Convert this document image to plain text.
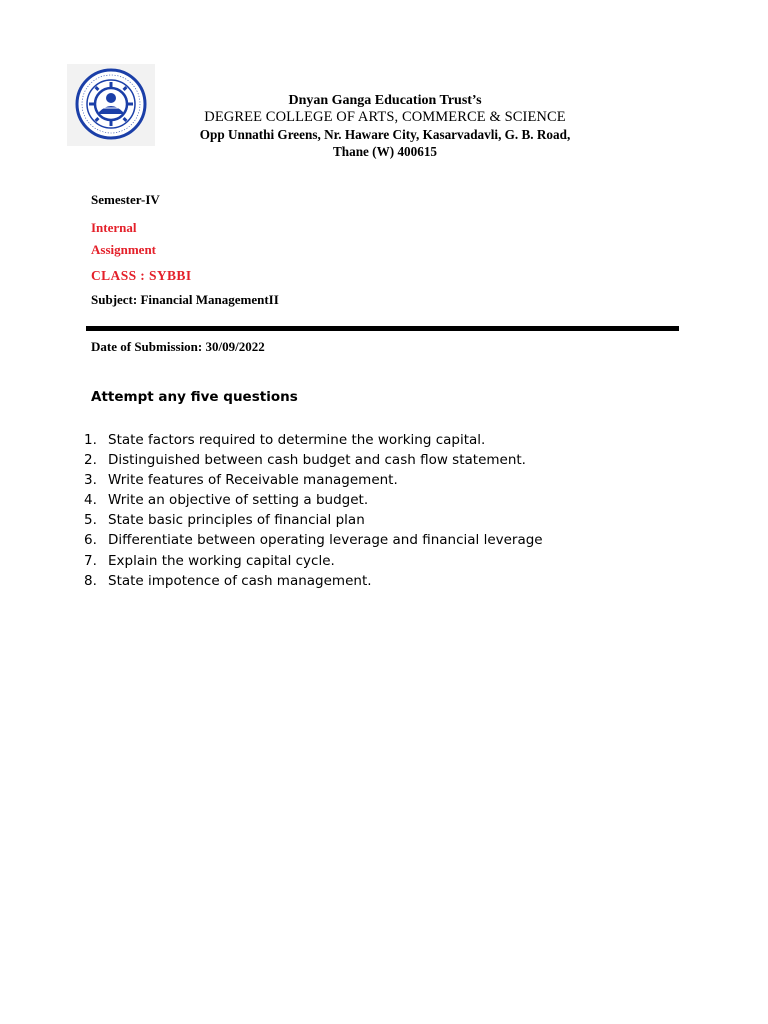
Dnyan Ganga Education Trust’s
DEGREE COLLEGE OF ARTS, COMMERCE & SCIENCE
Opp Unnathi Greens, Nr. Haware City, Kasarvadavli, G. B. Road,
Thane (W) 400615
Semester-IV
Internal
Assignment
CLASS : SYBBI
Subject: Financial ManagementII
Date of Submission: 30/09/2022
Attempt any five questions
1. State factors required to determine the working capital.
2. Distinguished between cash budget and cash flow statement.
3. Write features of Receivable management.
4. Write an objective of setting a budget.
5. State basic principles of financial plan
6. Differentiate between operating leverage and financial leverage
7. Explain the working capital cycle.
8. State impotence of cash management.
